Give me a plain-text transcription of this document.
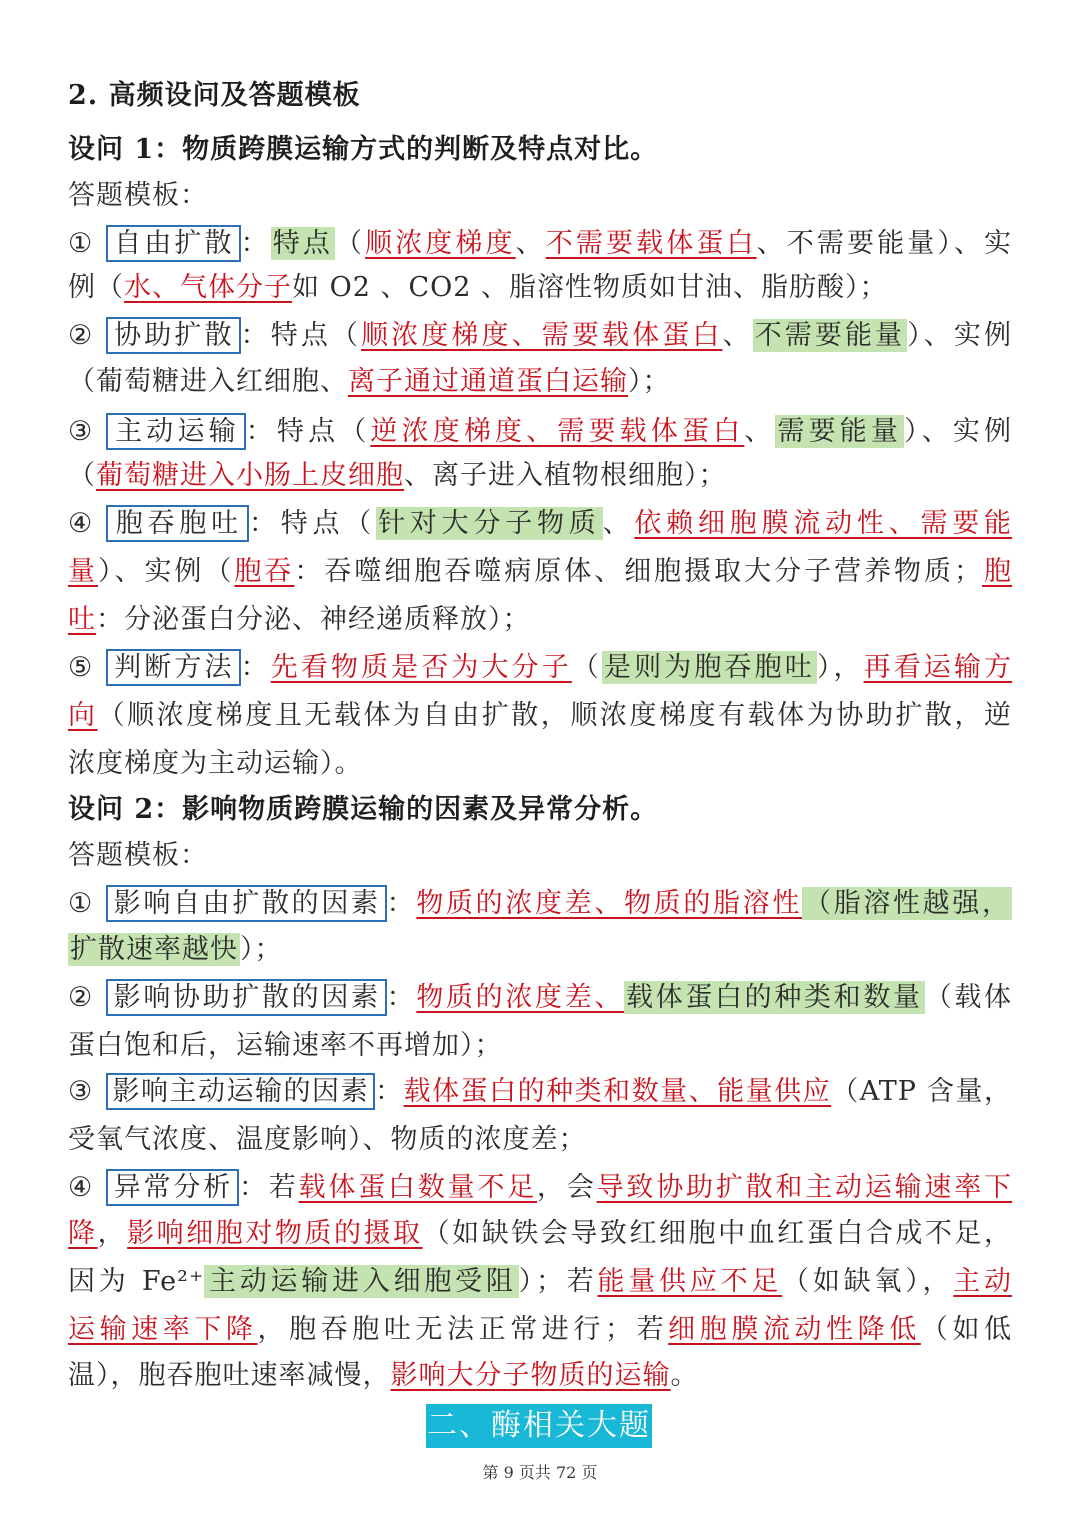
2. 高频设问及答题模板
设问 1：物质跨膜运输方式的判断及特点对比。
答题模板：
① 自由扩散 ：特点（顺浓度梯度、不需要载体蛋白、不需要能量）、实
例（水、气体分子如 O2 、CO2 、脂溶性物质如甘油、脂肪酸）；
② 协助扩散 ：特点（顺浓度梯度、需要载体蛋白、不需要能量）、实例
（葡萄糖进入红细胞、离子通过通道蛋白运输）；
③ 主动运输 ：特点（逆浓度梯度、需要载体蛋白、需要能量）、实例
（葡萄糖进入小肠上皮细胞、离子进入植物根细胞）；
④ 胞吞胞吐 ：特点（针对大分子物质、依赖细胞膜流动性、需要能
量）、实例（胞吞：吞噬细胞吞噬病原体、细胞摄取大分子营养物质；胞
吐：分泌蛋白分泌、神经递质释放）；
⑤ 判断方法 ：先看物质是否为大分子（是则为胞吞胞吐），再看运输方
向（顺浓度梯度且无载体为自由扩散，顺浓度梯度有载体为协助扩散，逆
浓度梯度为主动运输）。
设问 2：影响物质跨膜运输的因素及异常分析。
答题模板：
① 影响自由扩散的因素 ：物质的浓度差、物质的脂溶性（脂溶性越强，
扩散速率越快）；
② 影响协助扩散的因素 ：物质的浓度差、载体蛋白的种类和数量（载体
蛋白饱和后，运输速率不再增加）；
③ 影响主动运输的因素 ：载体蛋白的种类和数量、能量供应（ATP 含量，
受氧气浓度、温度影响）、物质的浓度差；
④ 异常分析 ：若载体蛋白数量不足，会导致协助扩散和主动运输速率下
降，影响细胞对物质的摄取（如缺铁会导致红细胞中血红蛋白合成不足，
因为 Fe²⁺主动运输进入细胞受阻）；若能量供应不足（如缺氧），主动
运输速率下降，胞吞胞吐无法正常进行；若细胞膜流动性降低（如低
温），胞吞胞吐速率减慢，影响大分子物质的运输。
二、酶相关大题
第 9 页共 72 页
